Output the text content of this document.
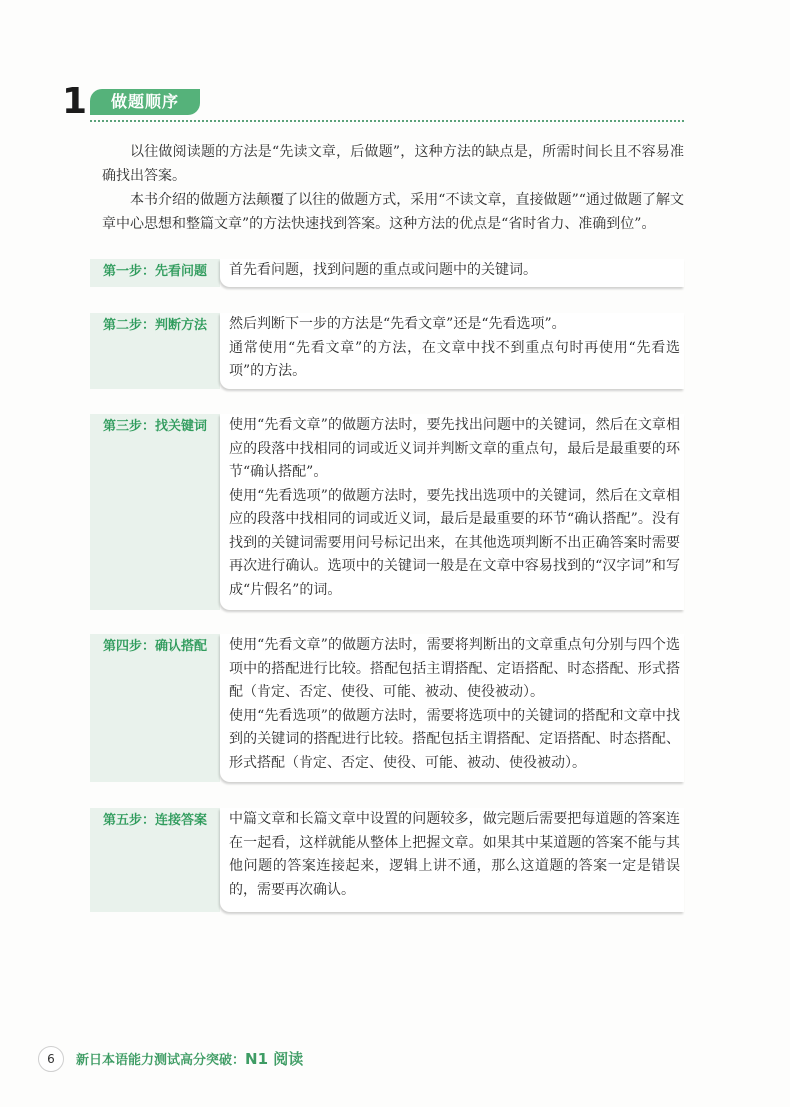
1	做题顺序

以往做阅读题的方法是“先读文章，后做题”，这种方法的缺点是，所需时间长且不容易准确找出答案。

本书介绍的做题方法颠覆了以往的做题方式，采用“不读文章，直接做题”“通过做题了解文章中心思想和整篇文章”的方法快速找到答案。这种方法的优点是“省时省力、准确到位”。

第一步：先看问题	首先看问题，找到问题的重点或问题中的关键词。

第二步：判断方法	然后判断下一步的方法是“先看文章”还是“先看选项”。

通常使用“先看文章”的方法，在文章中找不到重点句时再使用“先看选项”的方法。

第三步：找关键词	使用“先看文章”的做题方法时，要先找出问题中的关键词，然后在文章相应的段落中找相同的词或近义词并判断文章的重点句，最后是最重要的环节“确认搭配”。

使用“先看选项”的做题方法时，要先找出选项中的关键词，然后在文章相应的段落中找相同的词或近义词，最后是最重要的环节“确认搭配”。没有找到的关键词需要用问号标记出来，在其他选项判断不出正确答案时需要再次进行确认。选项中的关键词一般是在文章中容易找到的“汉字词”和写成“片假名”的词。

第四步：确认搭配	使用“先看文章”的做题方法时，需要将判断出的文章重点句分别与四个选项中的搭配进行比较。搭配包括主谓搭配、定语搭配、时态搭配、形式搭配（肯定、否定、使役、可能、被动、使役被动）。

使用“先看选项”的做题方法时，需要将选项中的关键词的搭配和文章中找到的关键词的搭配进行比较。搭配包括主谓搭配、定语搭配、时态搭配、形式搭配（肯定、否定、使役、可能、被动、使役被动）。

第五步：连接答案	中篇文章和长篇文章中设置的问题较多，做完题后需要把每道题的答案连在一起看，这样就能从整体上把握文章。如果其中某道题的答案不能与其他问题的答案连接起来，逻辑上讲不通，那么这道题的答案一定是错误的，需要再次确认。

6	新日本语能力测试高分突破：N1 阅读
